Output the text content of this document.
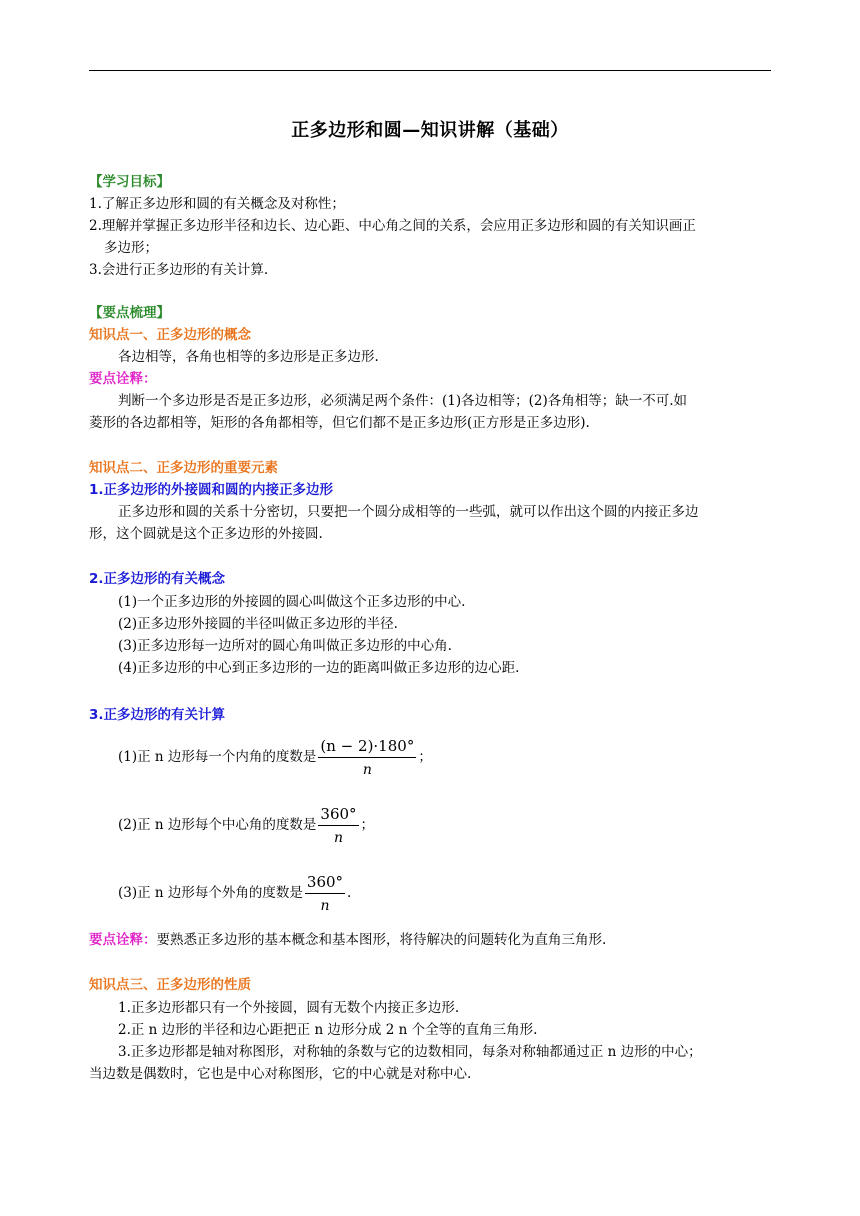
正多边形和圆—知识讲解（基础）
【学习目标】
1.了解正多边形和圆的有关概念及对称性；
2.理解并掌握正多边形半径和边长、边心距、中心角之间的关系，会应用正多边形和圆的有关知识画正
多边形；
3.会进行正多边形的有关计算.
【要点梳理】
知识点一、正多边形的概念
各边相等，各角也相等的多边形是正多边形.
要点诠释：
判断一个多边形是否是正多边形，必须满足两个条件：(1)各边相等；(2)各角相等；缺一不可.如
菱形的各边都相等，矩形的各角都相等，但它们都不是正多边形(正方形是正多边形).
知识点二、正多边形的重要元素
1.正多边形的外接圆和圆的内接正多边形
正多边形和圆的关系十分密切，只要把一个圆分成相等的一些弧，就可以作出这个圆的内接正多边
形，这个圆就是这个正多边形的外接圆.
2.正多边形的有关概念
(1)一个正多边形的外接圆的圆心叫做这个正多边形的中心.
(2)正多边形外接圆的半径叫做正多边形的半径.
(3)正多边形每一边所对的圆心角叫做正多边形的中心角.
(4)正多边形的中心到正多边形的一边的距离叫做正多边形的边心距.
3.正多边形的有关计算
(1)正 n 边形每一个内角的度数是 $\frac{(n - 2)\cdot 180^\circ}{n}$ ；
(2)正 n 边形每个中心角的度数是 $\frac{360^\circ}{n}$ ；
(3)正 n 边形每个外角的度数是 $\frac{360^\circ}{n}$ .
要点诠释：要熟悉正多边形的基本概念和基本图形，将待解决的问题转化为直角三角形.
知识点三、正多边形的性质
1.正多边形都只有一个外接圆，圆有无数个内接正多边形.
2.正 n 边形的半径和边心距把正 n 边形分成 2 n 个全等的直角三角形.
3.正多边形都是轴对称图形，对称轴的条数与它的边数相同，每条对称轴都通过正 n 边形的中心；
当边数是偶数时，它也是中心对称图形，它的中心就是对称中心.
